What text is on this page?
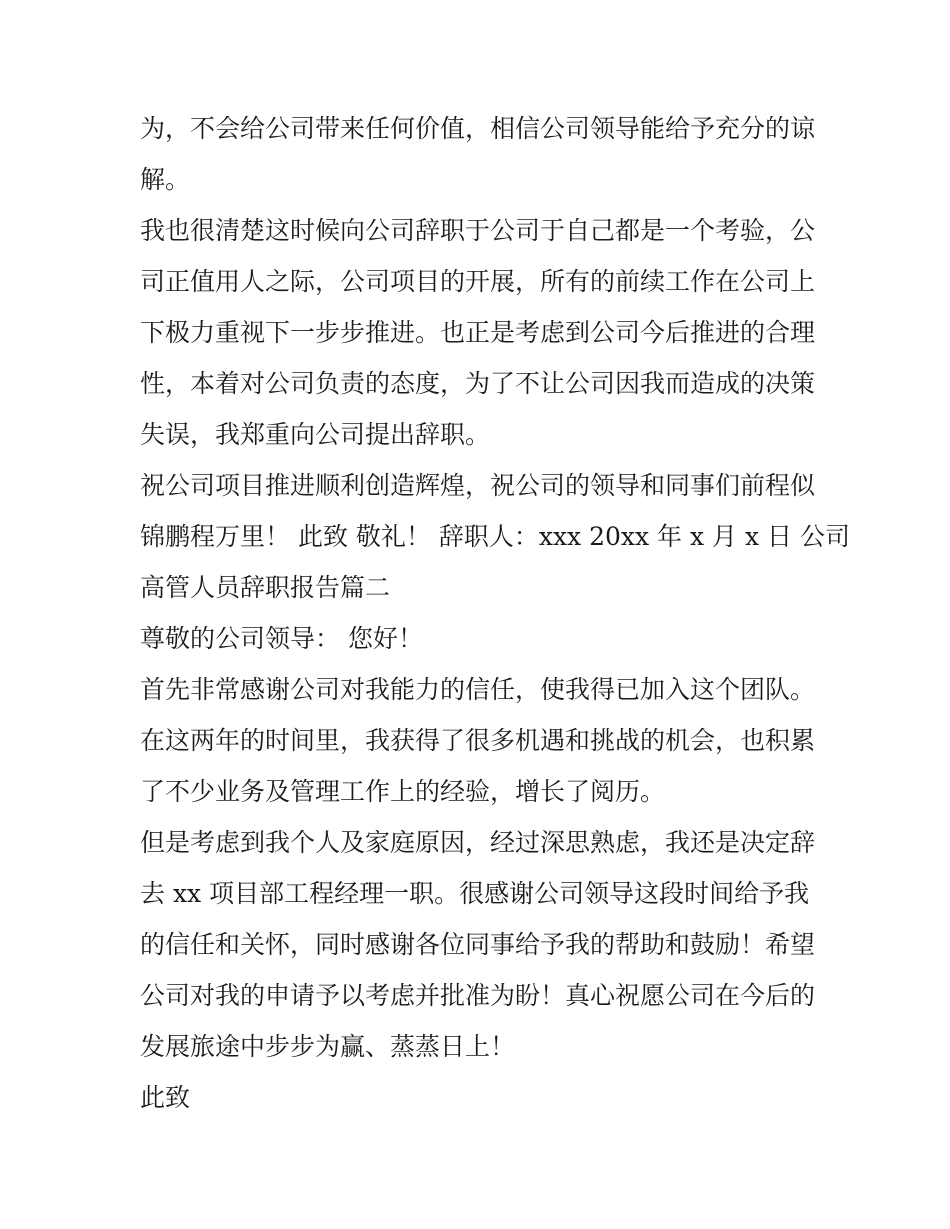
为，不会给公司带来任何价值，相信公司领导能给予充分的谅
解。
我也很清楚这时候向公司辞职于公司于自己都是一个考验，公
司正值用人之际，公司项目的开展，所有的前续工作在公司上
下极力重视下一步步推进。也正是考虑到公司今后推进的合理
性，本着对公司负责的态度，为了不让公司因我而造成的决策
失误，我郑重向公司提出辞职。
祝公司项目推进顺利创造辉煌，祝公司的领导和同事们前程似
锦鹏程万里！ 此致 敬礼！ 辞职人：xxx 20xx 年 x 月 x 日 公司
高管人员辞职报告篇二
尊敬的公司领导： 您好！
首先非常感谢公司对我能力的信任，使我得已加入这个团队。
在这两年的时间里，我获得了很多机遇和挑战的机会，也积累
了不少业务及管理工作上的经验，增长了阅历。
但是考虑到我个人及家庭原因，经过深思熟虑，我还是决定辞
去 xx 项目部工程经理一职。很感谢公司领导这段时间给予我
的信任和关怀，同时感谢各位同事给予我的帮助和鼓励！希望
公司对我的申请予以考虑并批准为盼！真心祝愿公司在今后的
发展旅途中步步为赢、蒸蒸日上！
此致
